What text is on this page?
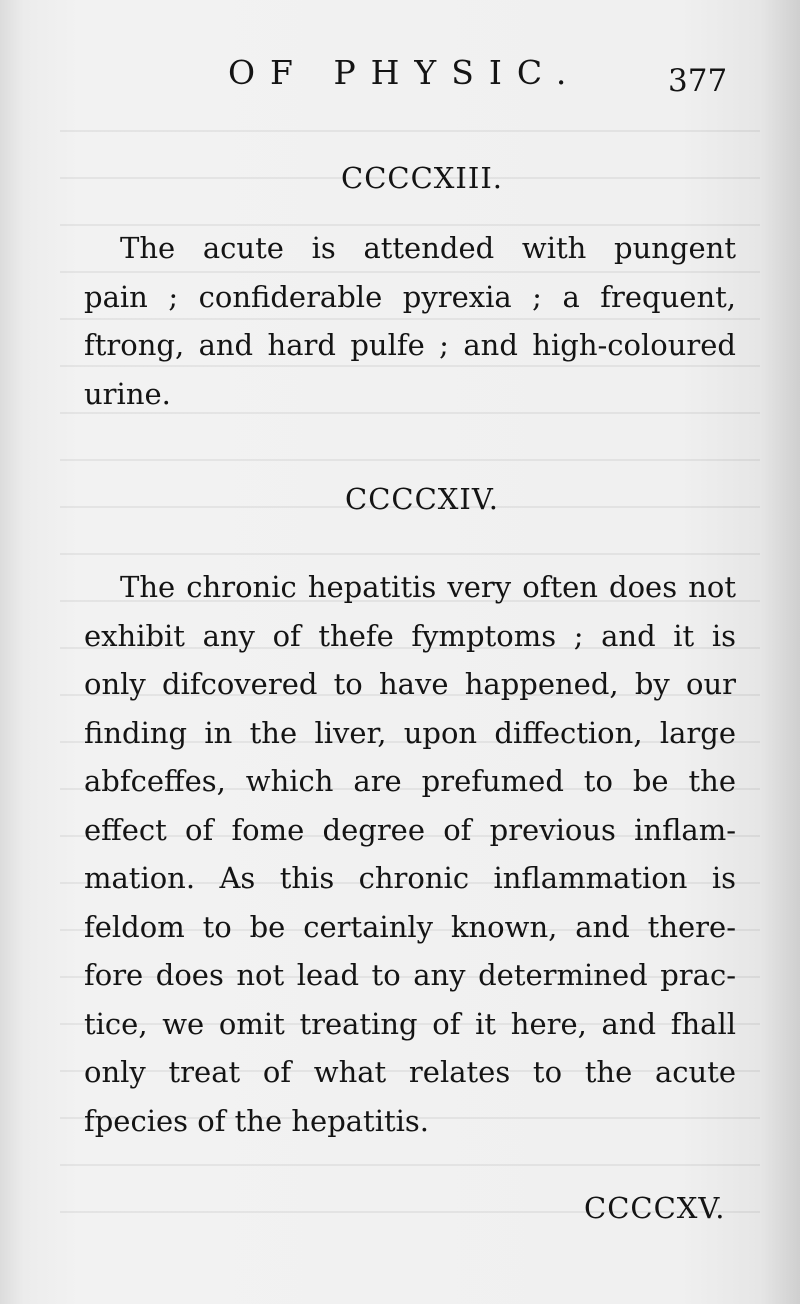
OF PHYSIC.	377
CCCCXIII.
The acute is attended with pungent
pain ; confiderable pyrexia ; a frequent,
ftrong, and hard pulfe ; and high-coloured
urine.
CCCCXIV.
The chronic hepatitis very often does not
exhibit any of thefe fymptoms ; and it is
only difcovered to have happened, by our
finding in the liver, upon diffection, large
abfceffes, which are prefumed to be the
effect of fome degree of previous inflam-
mation. As this chronic inflammation is
feldom to be certainly known, and there-
fore does not lead to any determined prac-
tice, we omit treating of it here, and fhall
only treat of what relates to the acute
fpecies of the hepatitis.
CCCCXV.
